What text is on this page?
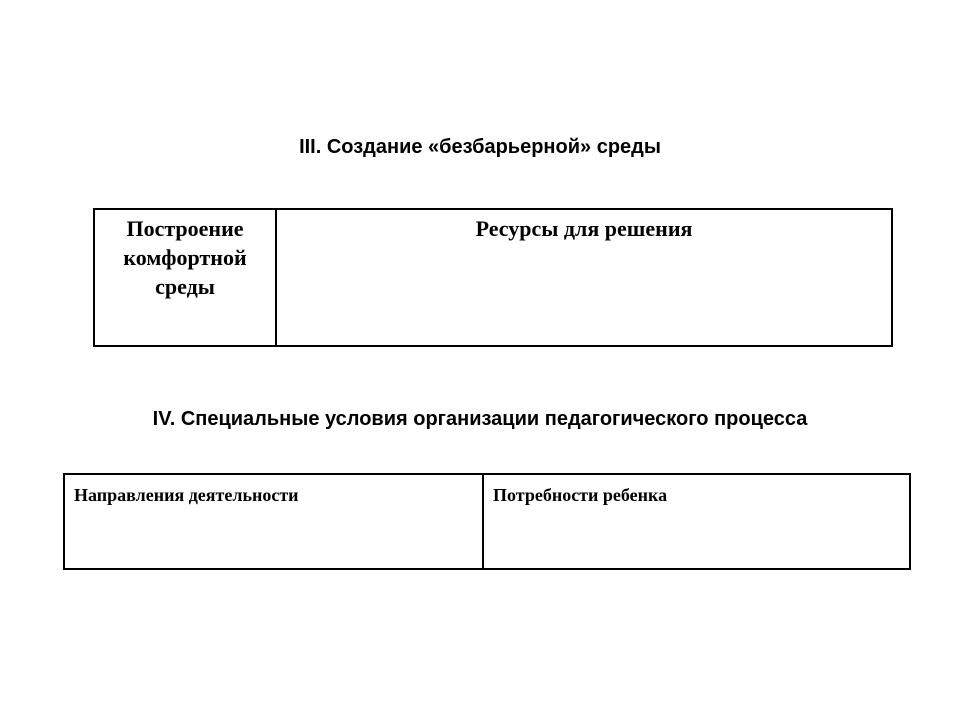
III. Создание «безбарьерной» среды
Построение комфортной среды	Ресурсы для решения
IV. Специальные условия организации педагогического процесса
Направления деятельности	Потребности ребенка
